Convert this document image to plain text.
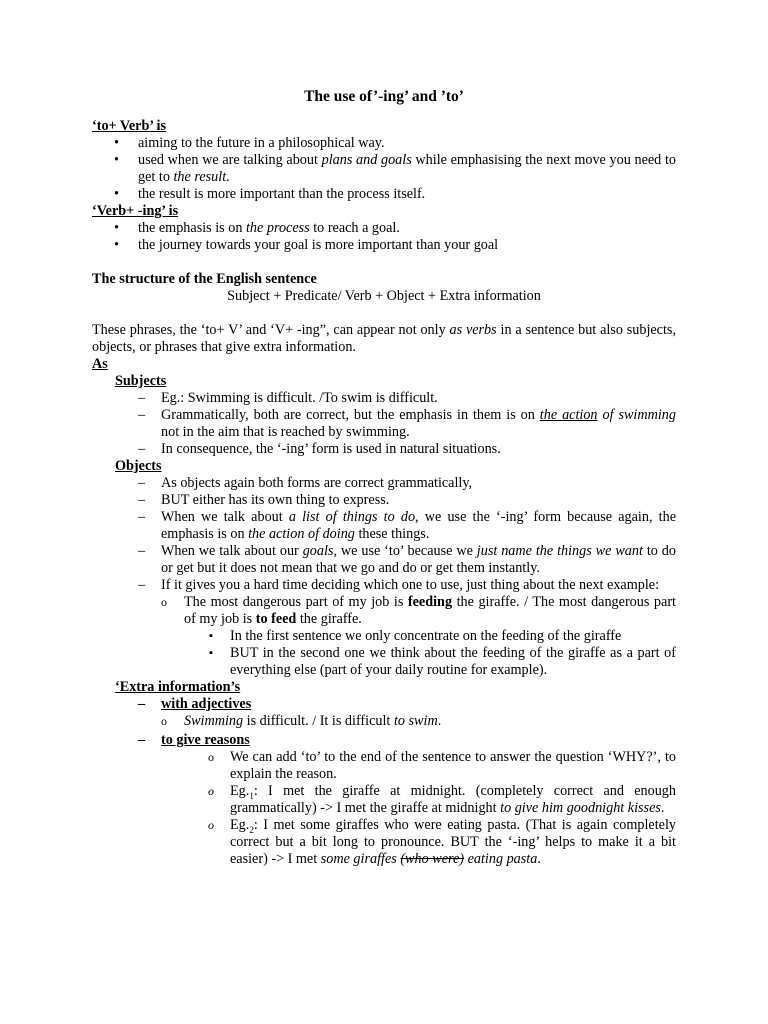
The use of’-ing’ and ’to’
‘to+ Verb’ is
• aiming to the future in a philosophical way.
• used when we are talking about plans and goals while emphasising the next move you need to get to the result.
• the result is more important than the process itself.
‘Verb+ -ing’ is
• the emphasis is on the process to reach a goal.
• the journey towards your goal is more important than your goal
The structure of the English sentence
Subject + Predicate/ Verb + Object + Extra information
These phrases, the ‘to+ V’ and ‘V+ -ing”, can appear not only as verbs in a sentence but also subjects, objects, or phrases that give extra information.
As
Subjects
– Eg.: Swimming is difficult. /To swim is difficult.
– Grammatically, both are correct, but the emphasis in them is on the action of swimming not in the aim that is reached by swimming.
– In consequence, the ‘-ing’ form is used in natural situations.
Objects
– As objects again both forms are correct grammatically,
– BUT either has its own thing to express.
– When we talk about a list of things to do, we use the ‘-ing’ form because again, the emphasis is on the action of doing these things.
– When we talk about our goals, we use ‘to’ because we just name the things we want to do or get but it does not mean that we go and do or get them instantly.
– If it gives you a hard time deciding which one to use, just thing about the next example:
o The most dangerous part of my job is feeding the giraffe. / The most dangerous part of my job is to feed the giraffe.
▪ In the first sentence we only concentrate on the feeding of the giraffe
▪ BUT in the second one we think about the feeding of the giraffe as a part of everything else (part of your daily routine for example).
‘Extra information’s
– with adjectives
o Swimming is difficult. / It is difficult to swim.
– to give reasons
o We can add ‘to’ to the end of the sentence to answer the question ‘WHY?’, to explain the reason.
o $Eg._1$: I met the giraffe at midnight. (completely correct and enough grammatically) -> I met the giraffe at midnight to give him goodnight kisses.
o $Eg._2$: I met some giraffes who were eating pasta. (That is again completely correct but a bit long to pronounce. BUT the ‘-ing’ helps to make it a bit easier) -> I met some giraffes (who were) eating pasta.
